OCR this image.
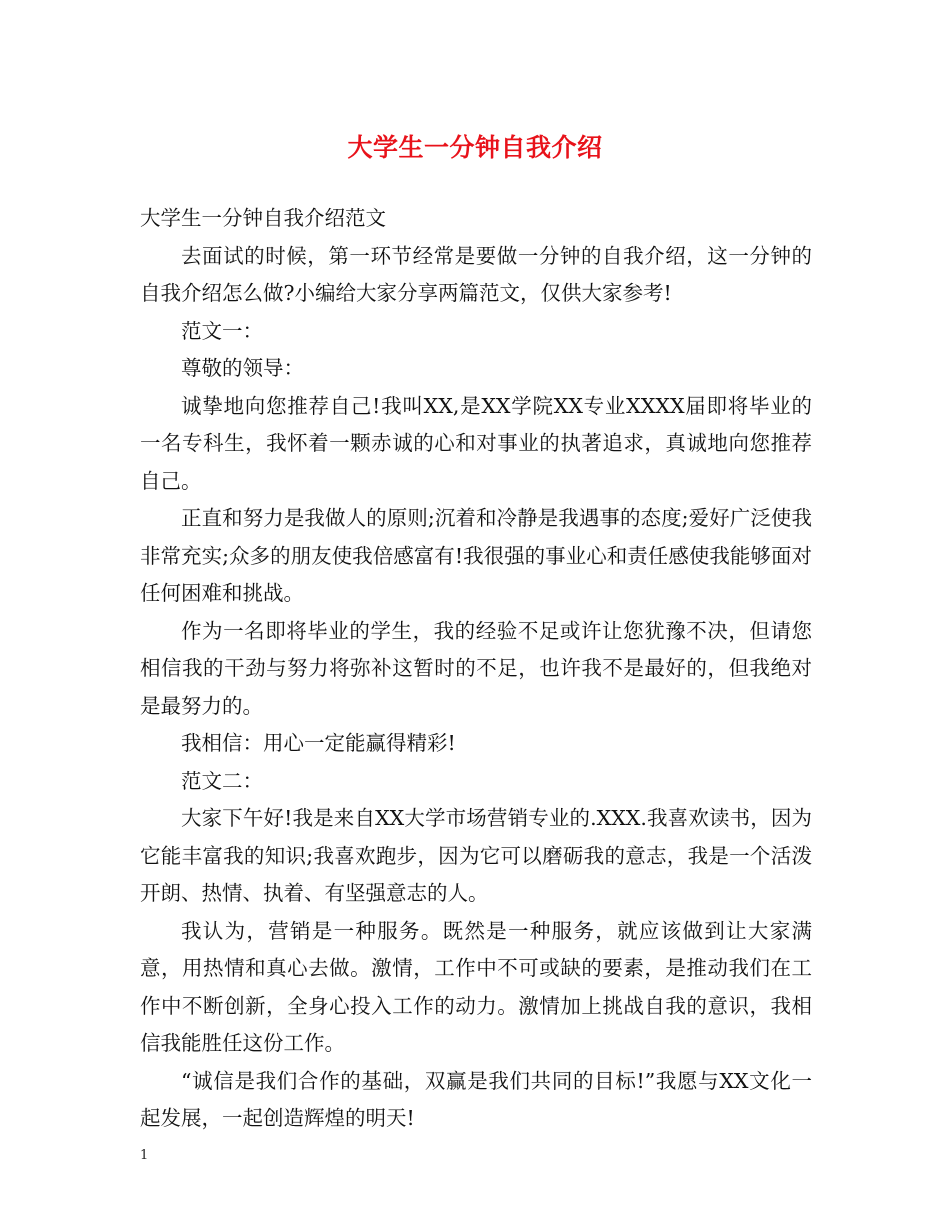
大学生一分钟自我介绍

大学生一分钟自我介绍范文

去面试的时候，第一环节经常是要做一分钟的自我介绍，这一分钟的自我介绍怎么做?小编给大家分享两篇范文，仅供大家参考!

范文一：

尊敬的领导：

诚挚地向您推荐自己!我叫XX,是XX学院XX专业XXXX届即将毕业的一名专科生，我怀着一颗赤诚的心和对事业的执著追求，真诚地向您推荐自己。

正直和努力是我做人的原则;沉着和冷静是我遇事的态度;爱好广泛使我非常充实;众多的朋友使我倍感富有!我很强的事业心和责任感使我能够面对任何困难和挑战。

作为一名即将毕业的学生，我的经验不足或许让您犹豫不决，但请您相信我的干劲与努力将弥补这暂时的不足，也许我不是最好的，但我绝对是最努力的。

我相信：用心一定能赢得精彩!

范文二：

大家下午好!我是来自XX大学市场营销专业的.XXX.我喜欢读书，因为它能丰富我的知识;我喜欢跑步，因为它可以磨砺我的意志，我是一个活泼开朗、热情、执着、有坚强意志的人。

我认为，营销是一种服务。既然是一种服务，就应该做到让大家满意，用热情和真心去做。激情，工作中不可或缺的要素，是推动我们在工作中不断创新，全身心投入工作的动力。激情加上挑战自我的意识，我相信我能胜任这份工作。

“诚信是我们合作的基础，双赢是我们共同的目标!”我愿与XX文化一起发展，一起创造辉煌的明天!

1
